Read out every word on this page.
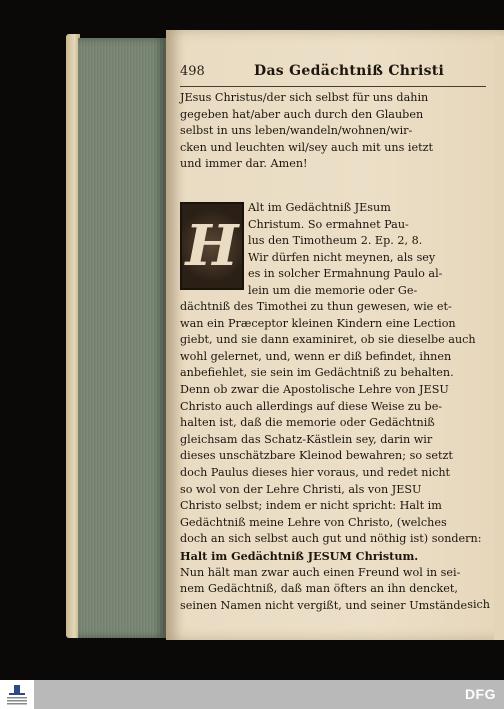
498	Das Gedächtniß Christi
JEsus Christus/der sich selbst für uns dahin
gegeben hat/aber auch durch den Glauben
selbst in uns leben/wandeln/wohnen/wir-
cken und leuchten wil/sey auch mit uns ietzt
und immer dar. Amen!
H
Alt im Gedächtniß JEsum
Christum. So ermahnet Pau-
lus den Timotheum 2. Ep. 2, 8.
Wir dürfen nicht meynen, als sey
es in solcher Ermahnung Paulo al-
lein um die memorie oder Ge-
dächtniß des Timothei zu thun gewesen, wie et-
wan ein Præceptor kleinen Kindern eine Lection
giebt, und sie dann examiniret, ob sie dieselbe auch
wohl gelernet, und, wenn er diß befindet, ihnen
anbefiehlet, sie sein im Gedächtniß zu behalten.
Denn ob zwar die Apostolische Lehre von JESU
Christo auch allerdings auf diese Weise zu be-
halten ist, daß die memorie oder Gedächtniß
gleichsam das Schatz-Kästlein sey, darin wir
dieses unschätzbare Kleinod bewahren; so setzt
doch Paulus dieses hier voraus, und redet nicht
so wol von der Lehre Christi, als von JESU
Christo selbst; indem er nicht spricht: Halt im
Gedächtniß meine Lehre von Christo, (welches
doch an sich selbst auch gut und nöthig ist) sondern:
Halt im Gedächtniß JESUM Christum.
Nun hält man zwar auch einen Freund wol in sei-
nem Gedächtniß, daß man öfters an ihn dencket,
seinen Namen nicht vergißt, und seiner Umstände sich
DFG
